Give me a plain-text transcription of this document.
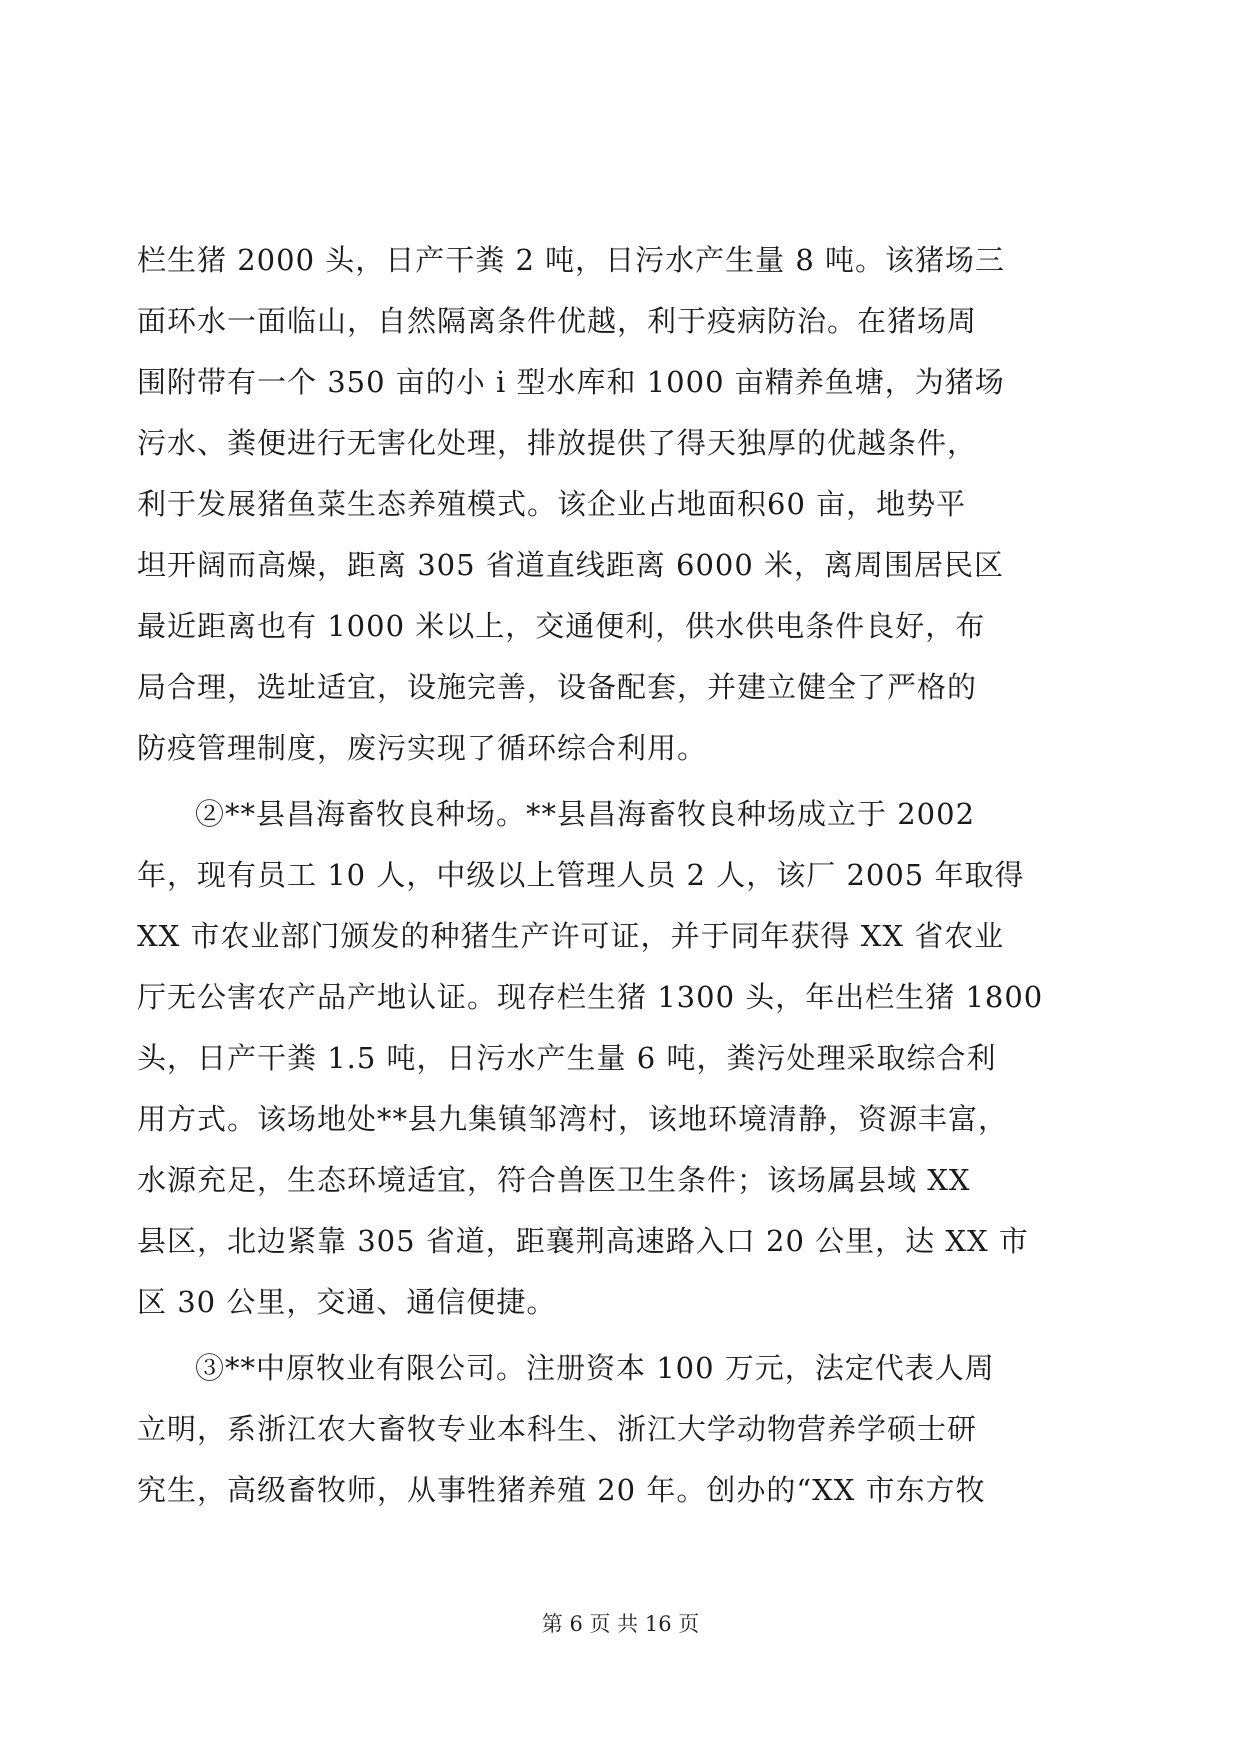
栏生猪 2000 头，日产干粪 2 吨，日污水产生量 8 吨。该猪场三
面环水一面临山，自然隔离条件优越，利于疫病防治。在猪场周
围附带有一个 350 亩的小 i 型水库和 1000 亩精养鱼塘，为猪场
污水、粪便进行无害化处理，排放提供了得天独厚的优越条件，
利于发展猪鱼菜生态养殖模式。该企业占地面积60 亩，地势平
坦开阔而高燥，距离 305 省道直线距离 6000 米，离周围居民区
最近距离也有 1000 米以上，交通便利，供水供电条件良好，布
局合理，选址适宜，设施完善，设备配套，并建立健全了严格的
防疫管理制度，废污实现了循环综合利用。
②**县昌海畜牧良种场。**县昌海畜牧良种场成立于 2002
年，现有员工 10 人，中级以上管理人员 2 人，该厂 2005 年取得
XX 市农业部门颁发的种猪生产许可证，并于同年获得 XX 省农业
厅无公害农产品产地认证。现存栏生猪 1300 头，年出栏生猪 1800
头，日产干粪 1.5 吨，日污水产生量 6 吨，粪污处理采取综合利
用方式。该场地处**县九集镇邹湾村，该地环境清静，资源丰富，
水源充足，生态环境适宜，符合兽医卫生条件；该场属县域 XX
县区，北边紧靠 305 省道，距襄荆高速路入口 20 公里，达 XX 市
区 30 公里，交通、通信便捷。
③**中原牧业有限公司。注册资本 100 万元，法定代表人周
立明，系浙江农大畜牧专业本科生、浙江大学动物营养学硕士研
究生，高级畜牧师，从事牲猪养殖 20 年。创办的“XX 市东方牧
第 6 页 共 16 页
